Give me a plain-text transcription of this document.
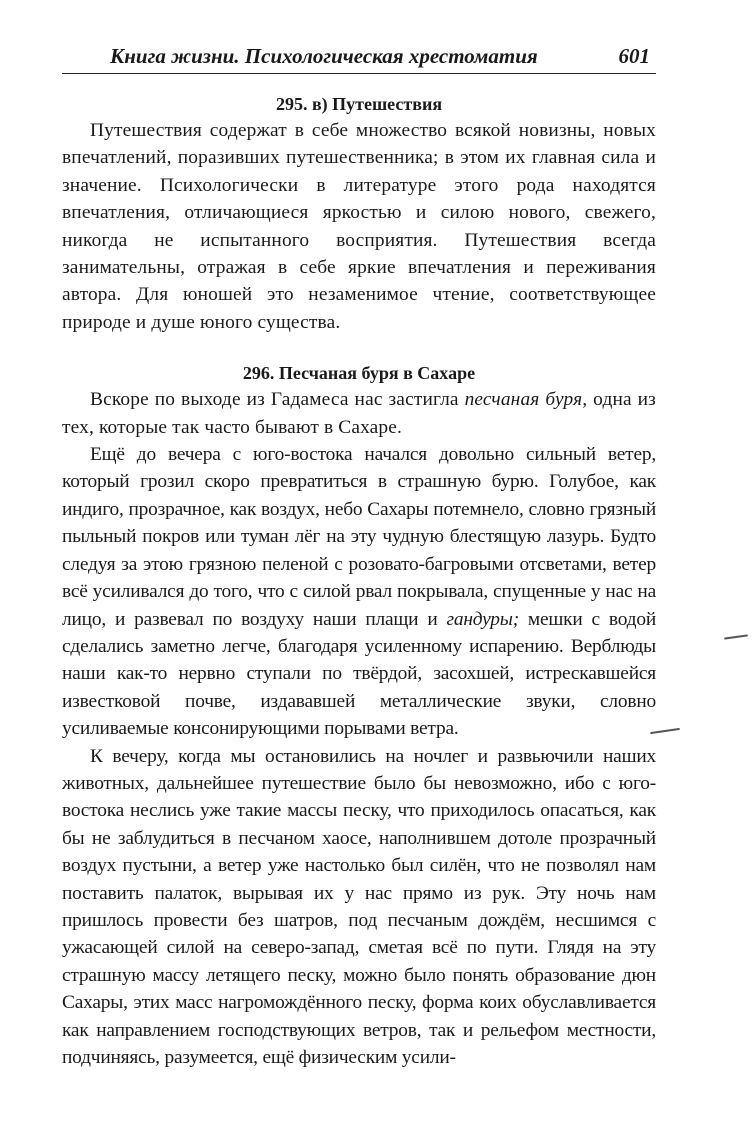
Книга жизни. Психологическая хрестоматия	601
295. в) Путешествия

Путешествия содержат в себе множество всякой новизны, новых впечатлений, поразивших путешественника; в этом их главная сила и значение. Психологически в литературе этого рода находятся впечатления, отличающиеся яркостью и силою нового, свежего, никогда не испытанного восприятия. Путешествия всегда занимательны, отражая в себе яркие впечатления и переживания автора. Для юношей это незаменимое чтение, соответствующее природе и душе юного существа.

296. Песчаная буря в Сахаре

Вскоре по выходе из Гадамеса нас застигла песчаная буря, одна из тех, которые так часто бывают в Сахаре.

Ещё до вечера с юго-востока начался довольно сильный ветер, который грозил скоро превратиться в страшную бурю. Голубое, как индиго, прозрачное, как воздух, небо Сахары потемнело, словно грязный пыльный покров или туман лёг на эту чудную блестящую лазурь. Будто следуя за этою грязною пеленой с розовато-багровыми отсветами, ветер всё усиливался до того, что с силой рвал покрывала, спущенные у нас на лицо, и развевал по воздуху наши плащи и гандуры; мешки с водой сделались заметно легче, благодаря усиленному испарению. Верблюды наши как-то нервно ступали по твёрдой, засохшей, истрескавшейся известковой почве, издававшей металлические звуки, словно усиливаемые консонирующими порывами ветра.

К вечеру, когда мы остановились на ночлег и развьючили наших животных, дальнейшее путешествие было бы невозможно, ибо с юго-востока неслись уже такие массы песку, что приходилось опасаться, как бы не заблудиться в песчаном хаосе, наполнившем дотоле прозрачный воздух пустыни, а ветер уже настолько был силён, что не позволял нам поставить палаток, вырывая их у нас прямо из рук. Эту ночь нам пришлось провести без шатров, под песчаным дождём, несшимся с ужасающей силой на северо-запад, сметая всё по пути. Глядя на эту страшную массу летящего песку, можно было понять образование дюн Сахары, этих масс нагромождённого песку, форма коих обуславливается как направлением господствующих ветров, так и рельефом местности, подчиняясь, разумеется, ещё физическим усили-
